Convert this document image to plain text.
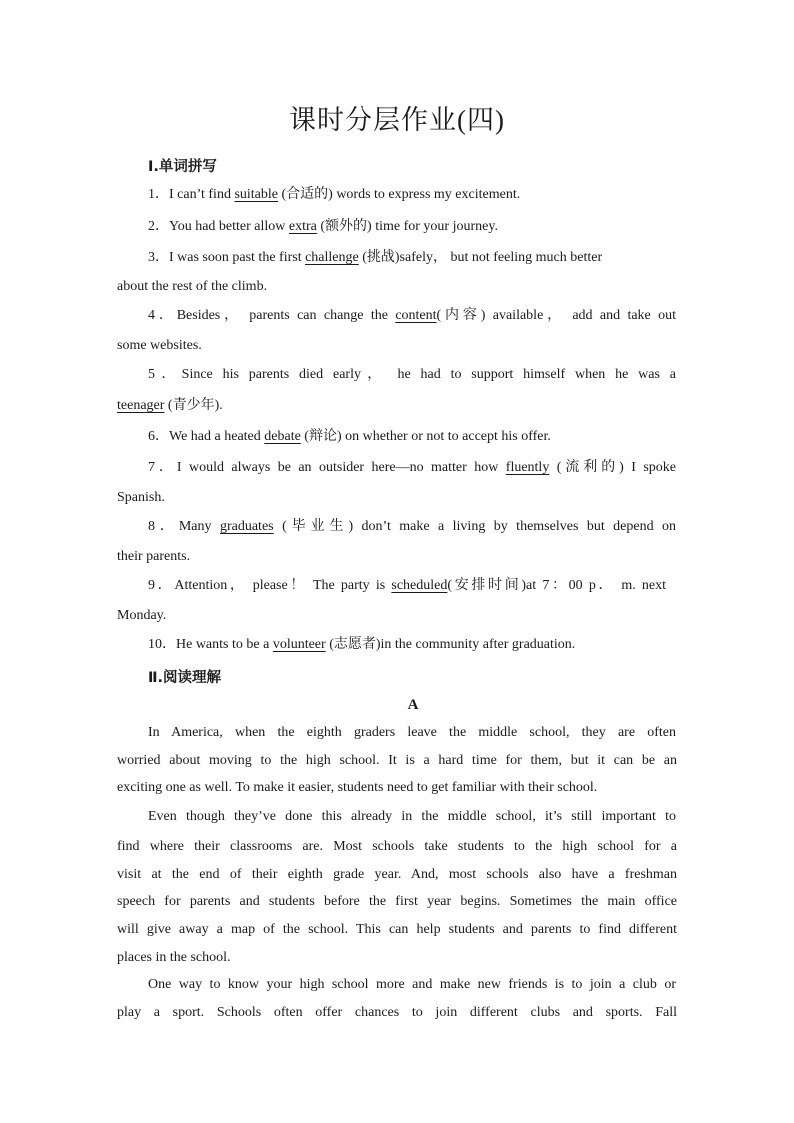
课时分层作业(四)
Ⅰ.单词拼写
1．I can’t find suitable (合适的) words to express my excitement.
2．You had better allow extra (额外的) time for your journey.
3．I was soon past the first challenge (挑战)safely， but not feeling much better
about the rest of the climb.
4．Besides， parents can change the content(内容) available， add and take out
some websites.
5．Since his parents died early， he had to support himself when he was a
teenager (青少年).
6．We had a heated debate (辩论) on whether or not to accept his offer.
7．I would always be an outsider here—no matter how fluently (流利的) I spoke
Spanish.
8．Many graduates (毕业生) don’t make a living by themselves but depend on
their parents.
9．Attention， please！ The party is scheduled(安排时间)at 7：00 p． m. next
Monday.
10．He wants to be a volunteer (志愿者)in the community after graduation.
Ⅱ.阅读理解
A
In America, when the eighth graders leave the middle school, they are often
worried about moving to the high school. It is a hard time for them, but it can be an
exciting one as well. To make it easier, students need to get familiar with their school.
Even though they’ve done this already in the middle school, it’s still important to
find where their classrooms are. Most schools take students to the high school for a
visit at the end of their eighth grade year. And, most schools also have a freshman
speech for parents and students before the first year begins. Sometimes the main office
will give away a map of the school. This can help students and parents to find different
places in the school.
One way to know your high school more and make new friends is to join a club or
play a sport. Schools often offer chances to join different clubs and sports. Fall
